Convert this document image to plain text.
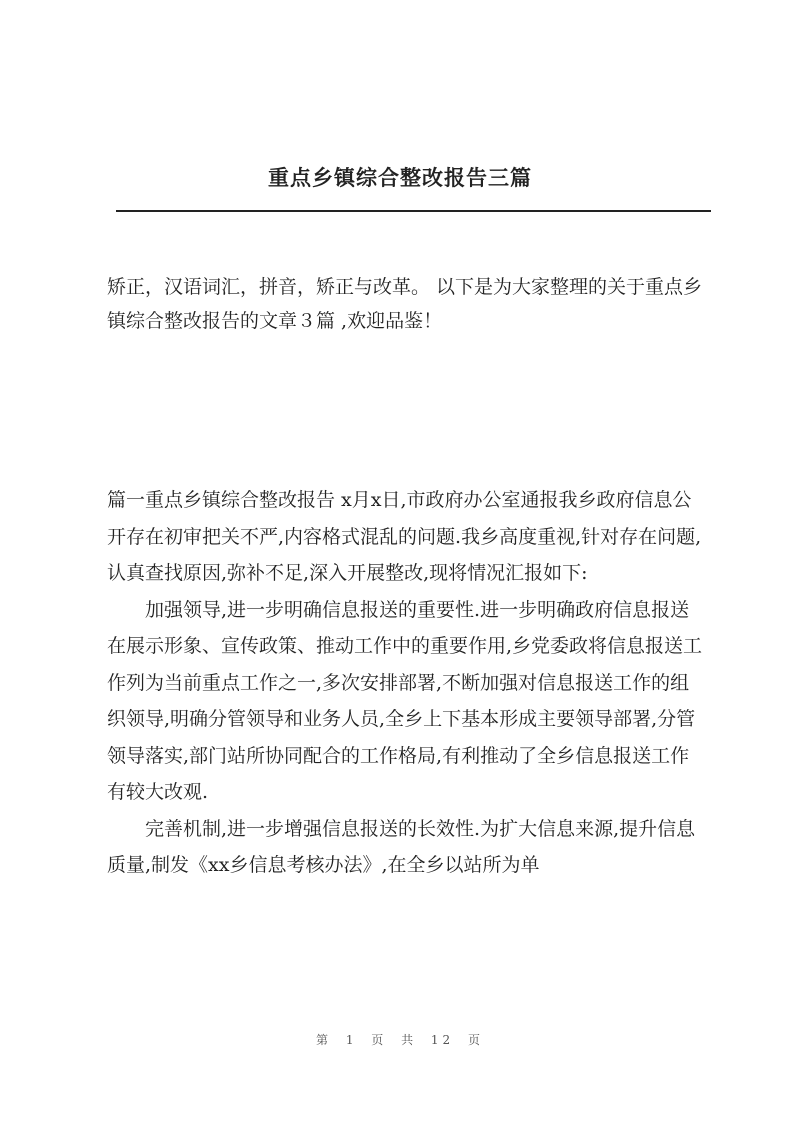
重点乡镇综合整改报告三篇

矫正，汉语词汇，拼音，矫正与改革。 以下是为大家整理的关于重点乡镇综合整改报告的文章３篇 ,欢迎品鉴！

篇一重点乡镇综合整改报告 x月x日,市政府办公室通报我乡政府信息公开存在初审把关不严,内容格式混乱的问题.我乡高度重视,针对存在问题,认真查找原因,弥补不足,深入开展整改,现将情况汇报如下:

加强领导,进一步明确信息报送的重要性.进一步明确政府信息报送在展示形象、宣传政策、推动工作中的重要作用,乡党委政将信息报送工作列为当前重点工作之一,多次安排部署,不断加强对信息报送工作的组织领导,明确分管领导和业务人员,全乡上下基本形成主要领导部署,分管领导落实,部门站所协同配合的工作格局,有利推动了全乡信息报送工作有较大改观.

完善机制,进一步增强信息报送的长效性.为扩大信息来源,提升信息质量,制发《xx乡信息考核办法》,在全乡以站所为单

第 1 页 共 12 页
